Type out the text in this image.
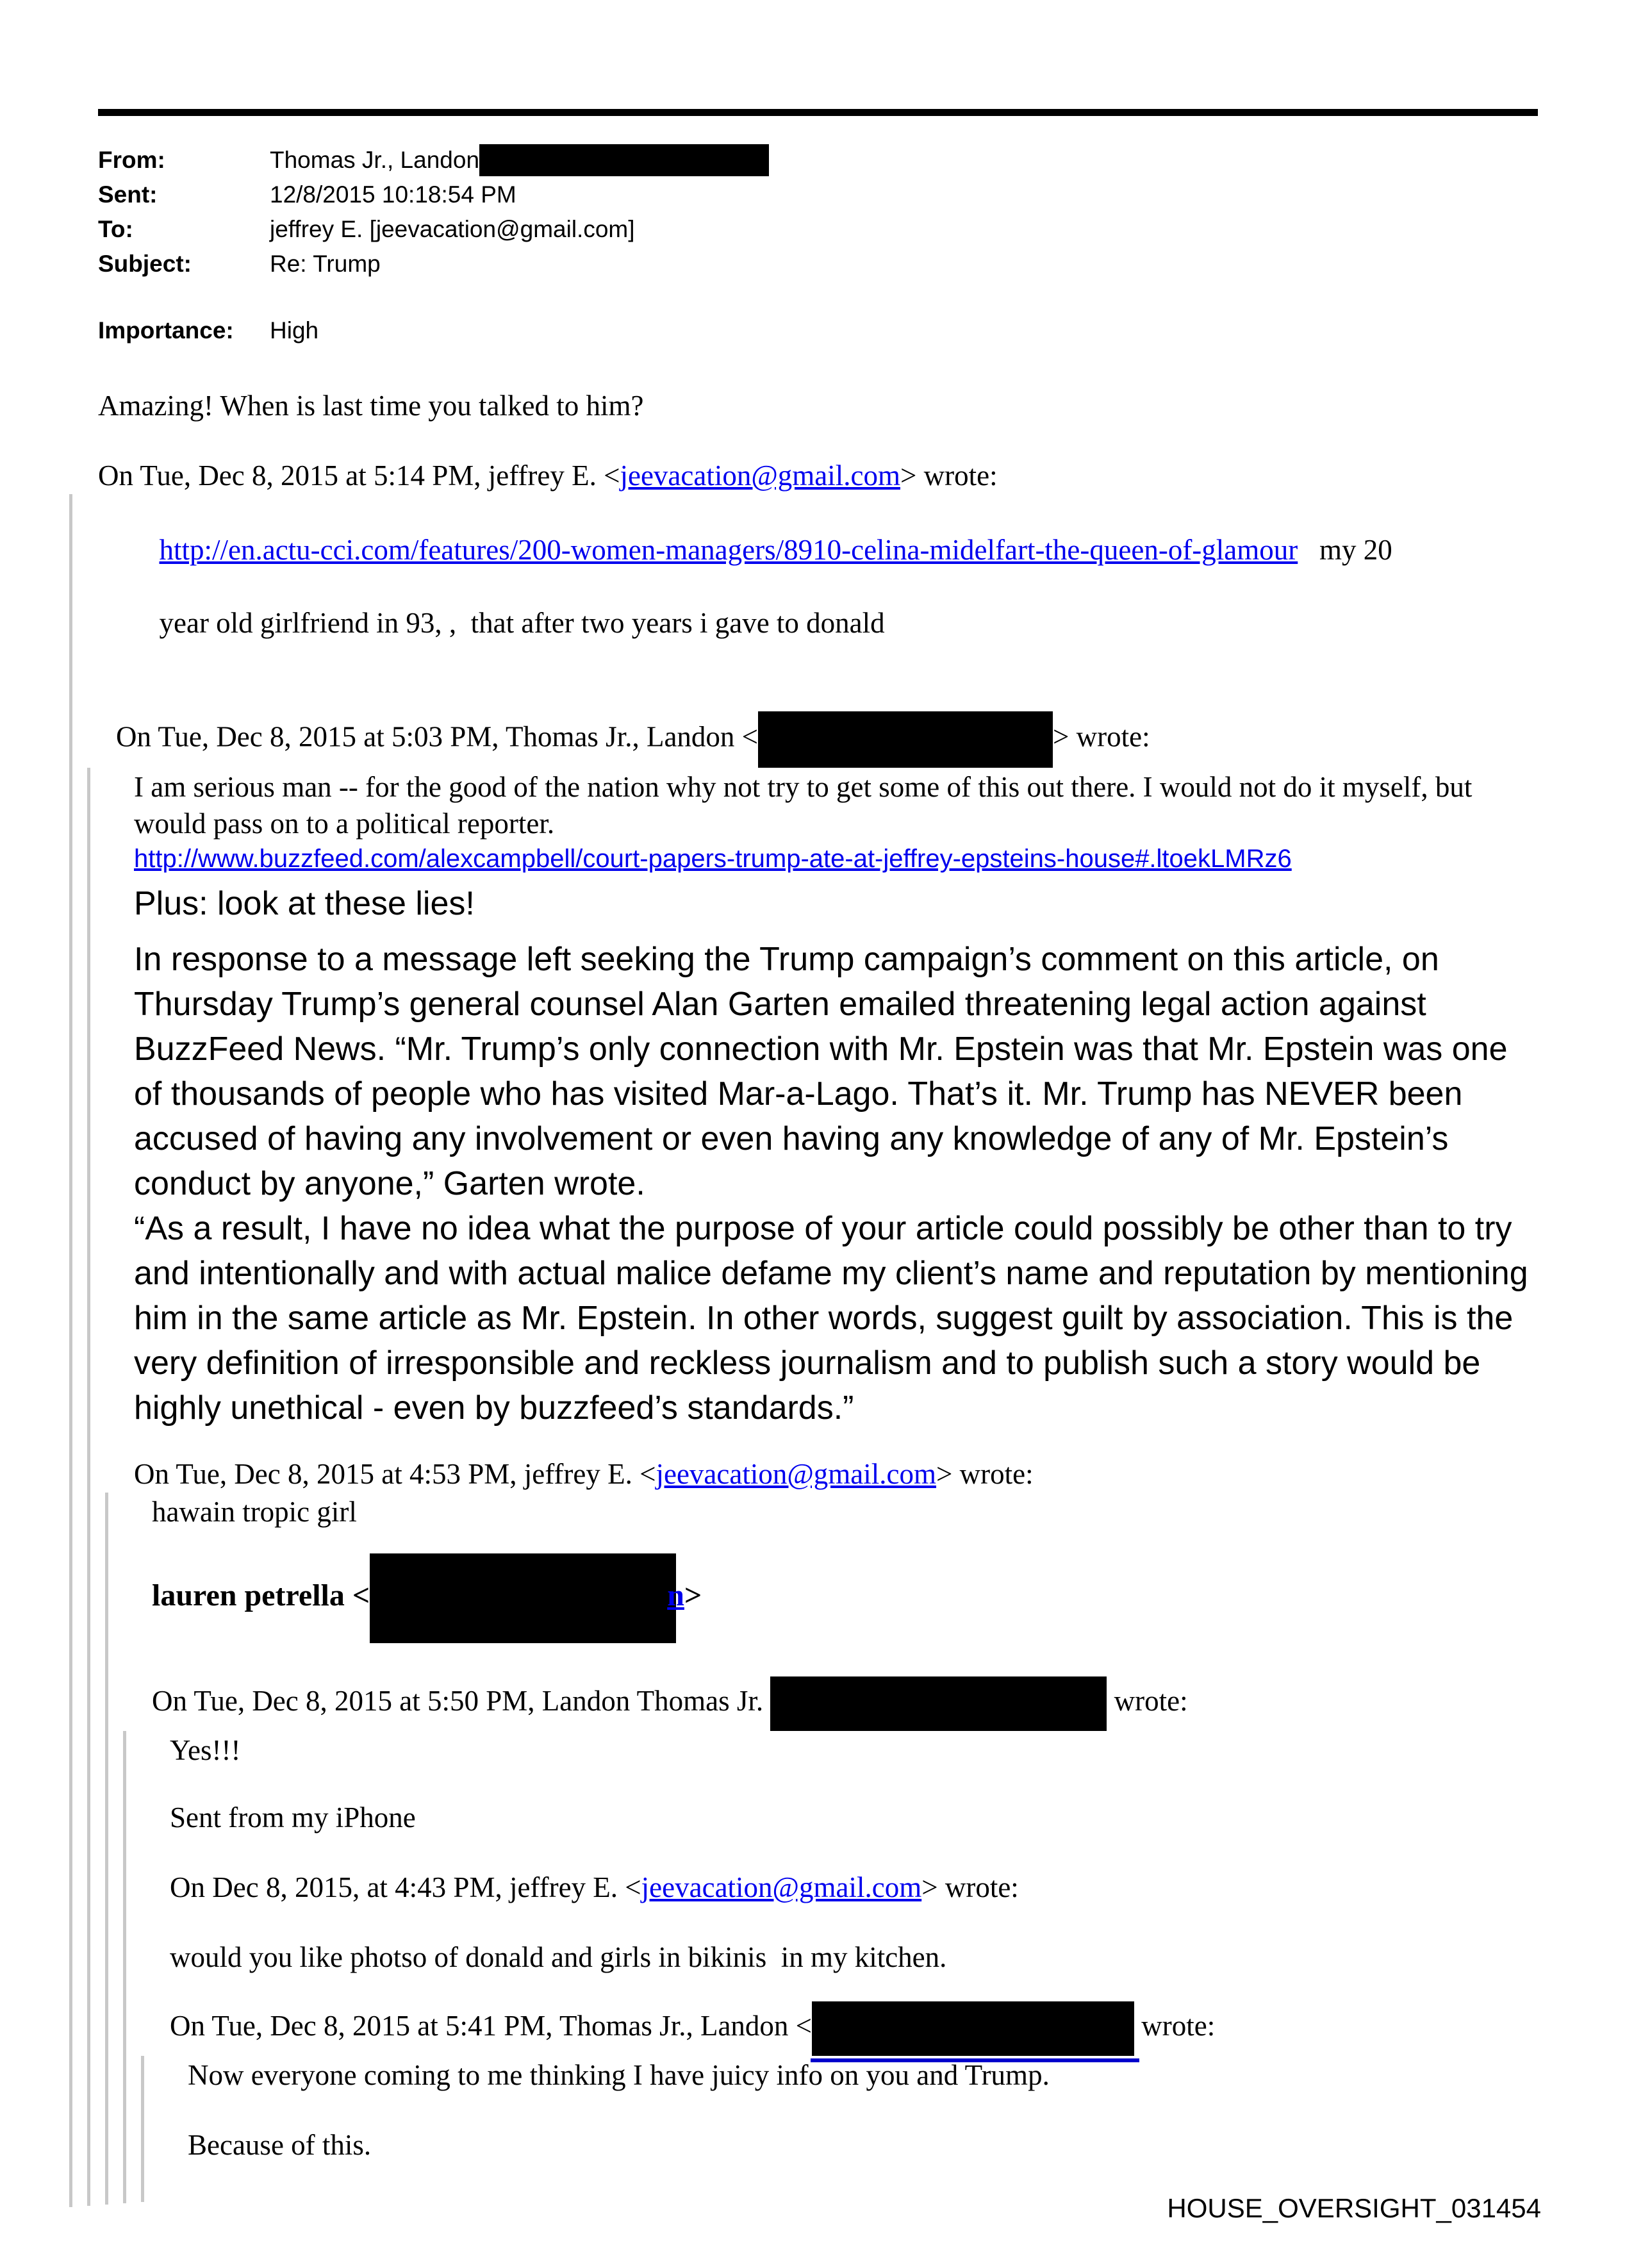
From:	Thomas Jr., Landon
Sent:	12/8/2015 10:18:54 PM
To:	jeffrey E. [jeevacation@gmail.com]
Subject:	Re: Trump
Importance:	High
Amazing! When is last time you talked to him?
On Tue, Dec 8, 2015 at 5:14 PM, jeffrey E. <jeevacation@gmail.com> wrote:

http://en.actu-cci.com/features/200-women-managers/8910-celina-midelfart-the-queen-of-glamour   my 20

year old girlfriend in 93, ,  that after two years i gave to donald

On Tue, Dec 8, 2015 at 5:03 PM, Thomas Jr., Landon <	> wrote:
I am serious man -- for the good of the nation why not try to get some of this out there. I would not do it myself, but would pass on to a political reporter.
http://www.buzzfeed.com/alexcampbell/court-papers-trump-ate-at-jeffrey-epsteins-house#.ltoekLMRz6
Plus: look at these lies!
In response to a message left seeking the Trump campaign’s comment on this article, on Thursday Trump’s general counsel Alan Garten emailed threatening legal action against BuzzFeed News. “Mr. Trump’s only connection with Mr. Epstein was that Mr. Epstein was one of thousands of people who has visited Mar-a-Lago. That’s it. Mr. Trump has NEVER been accused of having any involvement or even having any knowledge of any of Mr. Epstein’s conduct by anyone,” Garten wrote.
“As a result, I have no idea what the purpose of your article could possibly be other than to try and intentionally and with actual malice defame my client’s name and reputation by mentioning him in the same article as Mr. Epstein. In other words, suggest guilt by association. This is the very definition of irresponsible and reckless journalism and to publish such a story would be highly unethical - even by buzzfeed’s standards.”
On Tue, Dec 8, 2015 at 4:53 PM, jeffrey E. <jeevacation@gmail.com> wrote:
hawain tropic girl
lauren petrella <	n>
On Tue, Dec 8, 2015 at 5:50 PM, Landon Thomas Jr.	wrote:
Yes!!!
Sent from my iPhone
On Dec 8, 2015, at 4:43 PM, jeffrey E. <jeevacation@gmail.com> wrote:
would you like photso of donald and girls in bikinis  in my kitchen.
On Tue, Dec 8, 2015 at 5:41 PM, Thomas Jr., Landon <	wrote:
Now everyone coming to me thinking I have juicy info on you and Trump.
Because of this.
HOUSE_OVERSIGHT_031454
